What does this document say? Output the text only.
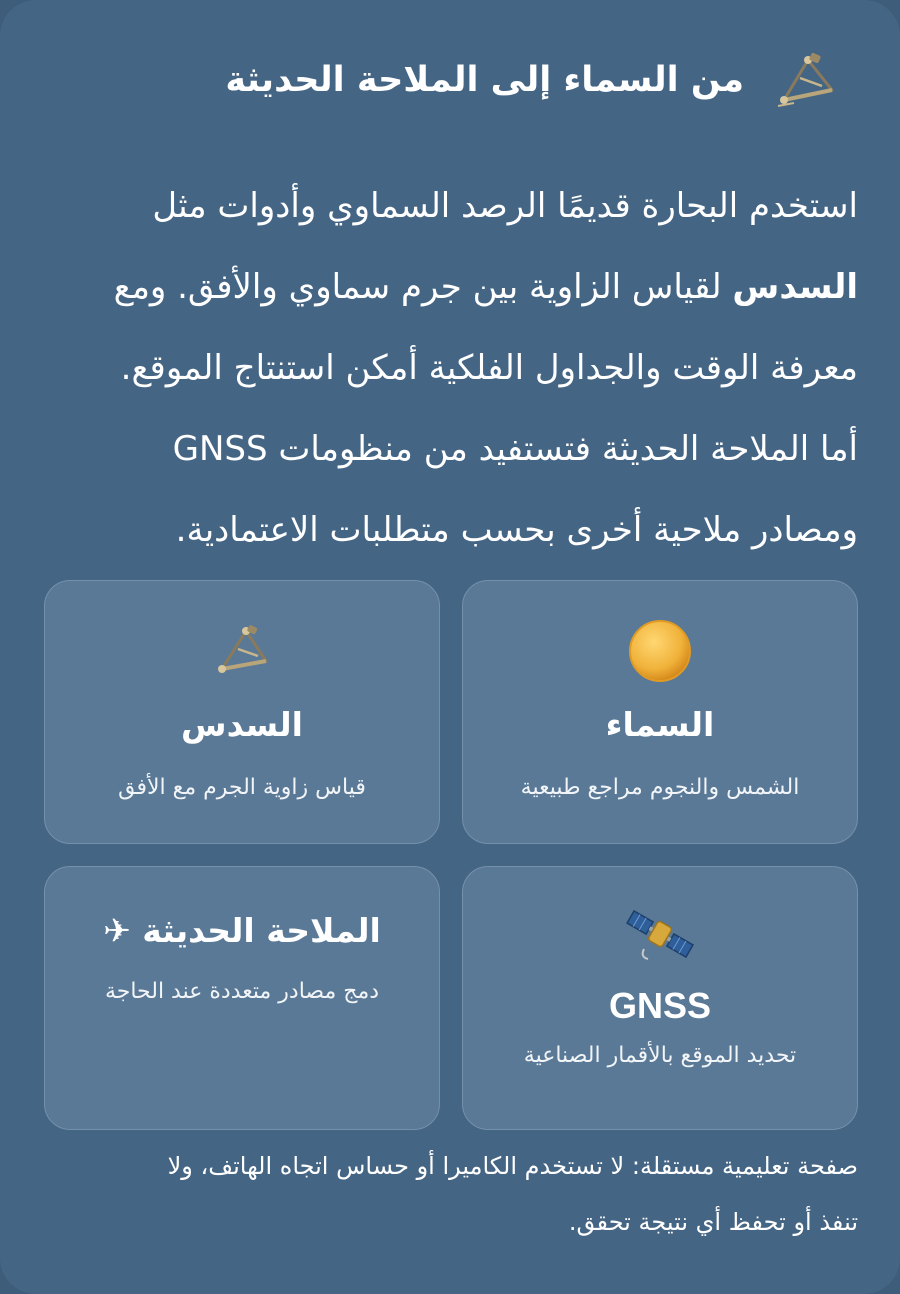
من السماء إلى الملاحة الحديثة
استخدم البحارة قديمًا الرصد السماوي وأدوات مثل
السدس لقياس الزاوية بين جرم سماوي والأفق. ومع
معرفة الوقت والجداول الفلكية أمكن استنتاج الموقع.
أما الملاحة الحديثة فتستفيد من منظومات GNSS
ومصادر ملاحية أخرى بحسب متطلبات الاعتمادية.
السماء
الشمس والنجوم مراجع طبيعية
السدس
قياس زاوية الجرم مع الأفق
GNSS
تحديد الموقع بالأقمار الصناعية
الملاحة الحديثة ✈
دمج مصادر متعددة عند الحاجة
صفحة تعليمية مستقلة: لا تستخدم الكاميرا أو حساس اتجاه الهاتف، ولا
تنفذ أو تحفظ أي نتيجة تحقق.
